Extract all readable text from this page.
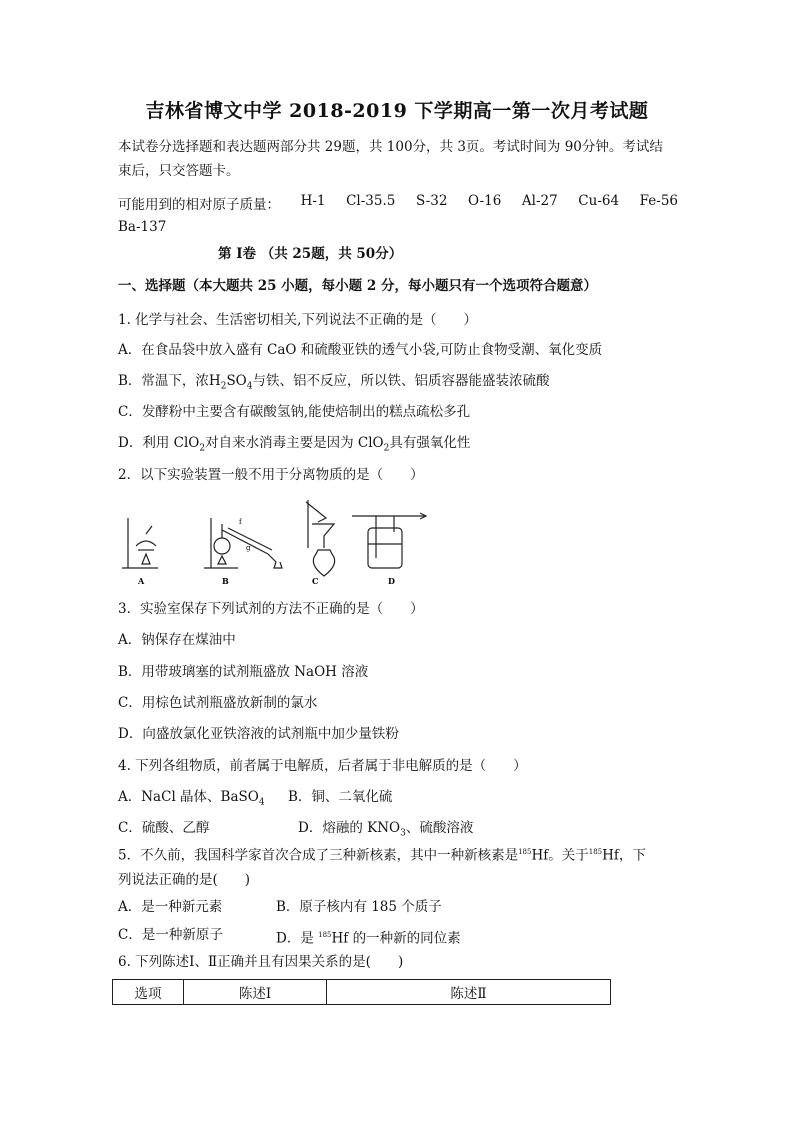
吉林省博文中学 2018-2019 下学期高一第一次月考试题
本试卷分选择题和表达题两部分共 29题，共 100分，共 3页。考试时间为 90分钟。考试结
束后，只交答题卡。
可能用到的相对原子质量： H-1 Cl-35.5 S-32 O-16 Al-27 Cu-64 Fe-56
Ba-137
第 I卷 （共 25题，共 50分）
一、选择题（本大题共 25 小题，每小题 2 分，每小题只有一个选项符合题意）
1. 化学与社会、生活密切相关,下列说法不正确的是（　　）
A．在食品袋中放入盛有 CaO 和硫酸亚铁的透气小袋,可防止食物受潮、氧化变质
B．常温下，浓$H_2SO_4$与铁、铝不反应，所以铁、铝质容器能盛装浓硫酸
C．发酵粉中主要含有碳酸氢钠,能使焙制出的糕点疏松多孔
D．利用 ClO$_2$对自来水消毒主要是因为 ClO$_2$具有强氧化性
2．以下实验装置一般不用于分离物质的是（　　）
A	B	C	D
f
g
3．实验室保存下列试剂的方法不正确的是（　　）
A．钠保存在煤油中
B．用带玻璃塞的试剂瓶盛放 NaOH 溶液
C．用棕色试剂瓶盛放新制的氯水
D．向盛放氯化亚铁溶液的试剂瓶中加少量铁粉
4. 下列各组物质，前者属于电解质，后者属于非电解质的是（　　）
A．NaCl 晶体、BaSO$_4$ B．铜、二氧化硫
C．硫酸、乙醇	D．熔融的 $KNO_3$、硫酸溶液
5．不久前，我国科学家首次合成了三种新核素，其中一种新核素是$^{185}$Hf。关于$^{185}$Hf，下
列说法正确的是(　　)
A．是一种新元素	B．原子核内有 185 个质子
C．是一种新原子	D．是 $^{185}$Hf 的一种新的同位素
6. 下列陈述Ⅰ、Ⅱ正确并且有因果关系的是(　　)
选项	陈述Ⅰ	陈述Ⅱ
